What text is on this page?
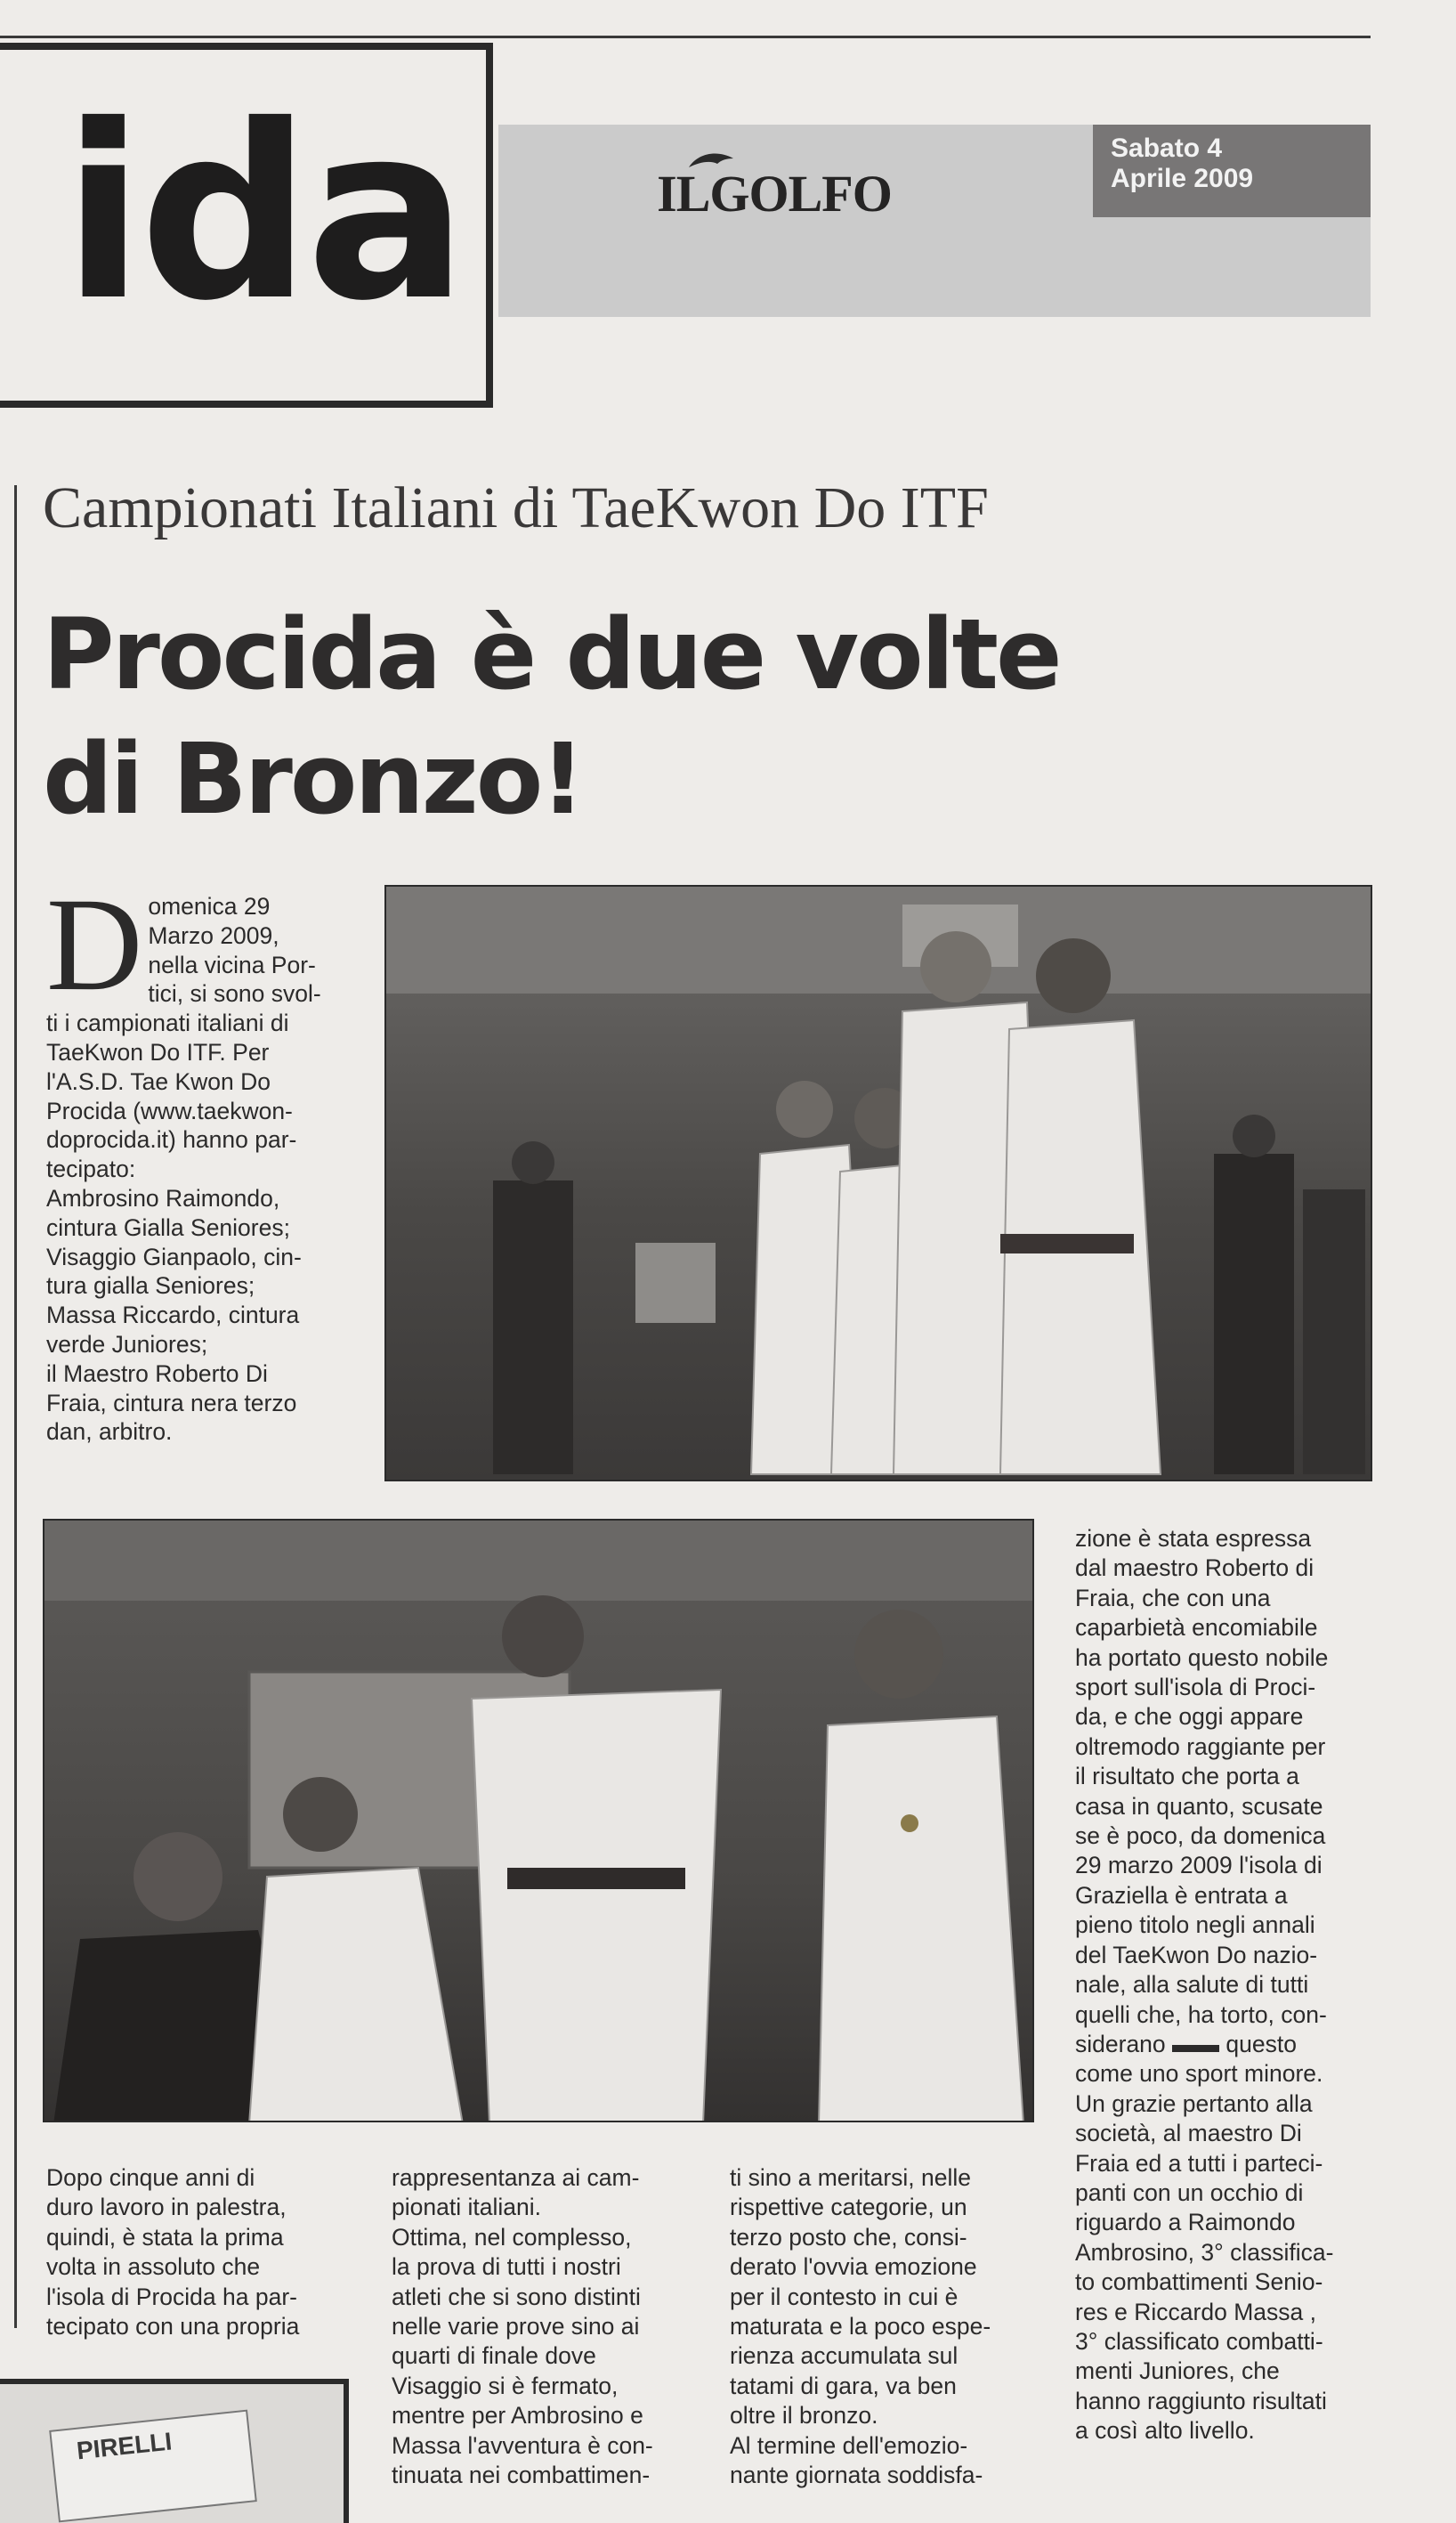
ida	ILGOLFO
Sabato 4
Aprile 2009
Campionati Italiani di TaeKwon Do ITF
Procida è due volte
di Bronzo!
D omenica 29

Marzo 2009,

nella vicina Por-

tici, si sono svol-

ti i campionati italiani di

TaeKwon Do ITF. Per

l'A.S.D. Tae Kwon Do

Procida (www.taekwon-

doprocida.it) hanno par-

tecipato:

Ambrosino Raimondo,

cintura Gialla Seniores;

Visaggio Gianpaolo, cin-

tura gialla Seniores;

Massa Riccardo, cintura

verde Juniores;

il Maestro Roberto Di

Fraia, cintura nera terzo

dan, arbitro.

Dopo cinque anni di

duro lavoro in palestra,

quindi, è stata la prima

volta in assoluto che

l'isola di Procida ha par-

tecipato con una propria

rappresentanza ai cam-

pionati italiani.

Ottima, nel complesso,

la prova di tutti i nostri

atleti che si sono distinti

nelle varie prove sino ai

quarti di finale dove

Visaggio si è fermato,

mentre per Ambrosino e

Massa l'avventura è con-

tinuata nei combattimen-

ti sino a meritarsi, nelle

rispettive categorie, un

terzo posto che, consi-

derato l'ovvia emozione

per il contesto in cui è

maturata e la poco espe-

rienza accumulata sul

tatami di gara, va ben

oltre il bronzo.

Al termine dell'emozio-

nante giornata soddisfa-

zione è stata espressa

dal maestro Roberto di

Fraia, che con una

caparbietà encomiabile

ha portato questo nobile

sport sull'isola di Proci-

da, e che oggi appare

oltremodo raggiante per

il risultato che porta a

casa in quanto, scusate

se è poco, da domenica

29 marzo 2009 l'isola di

Graziella è entrata a

pieno titolo negli annali

del TaeKwon Do nazio-

nale, alla salute di tutti

quelli che, ha torto, con-

siderano ▬▬ questo

come uno sport minore.

Un grazie pertanto alla

società, al maestro Di

Fraia ed a tutti i parteci-

panti con un occhio di

riguardo a Raimondo

Ambrosino, 3° classifica-

to combattimenti Senio-

res e Riccardo Massa ,

3° classificato combatti-

menti Juniores, che

hanno raggiunto risultati

a così alto livello.

PIRELLI
